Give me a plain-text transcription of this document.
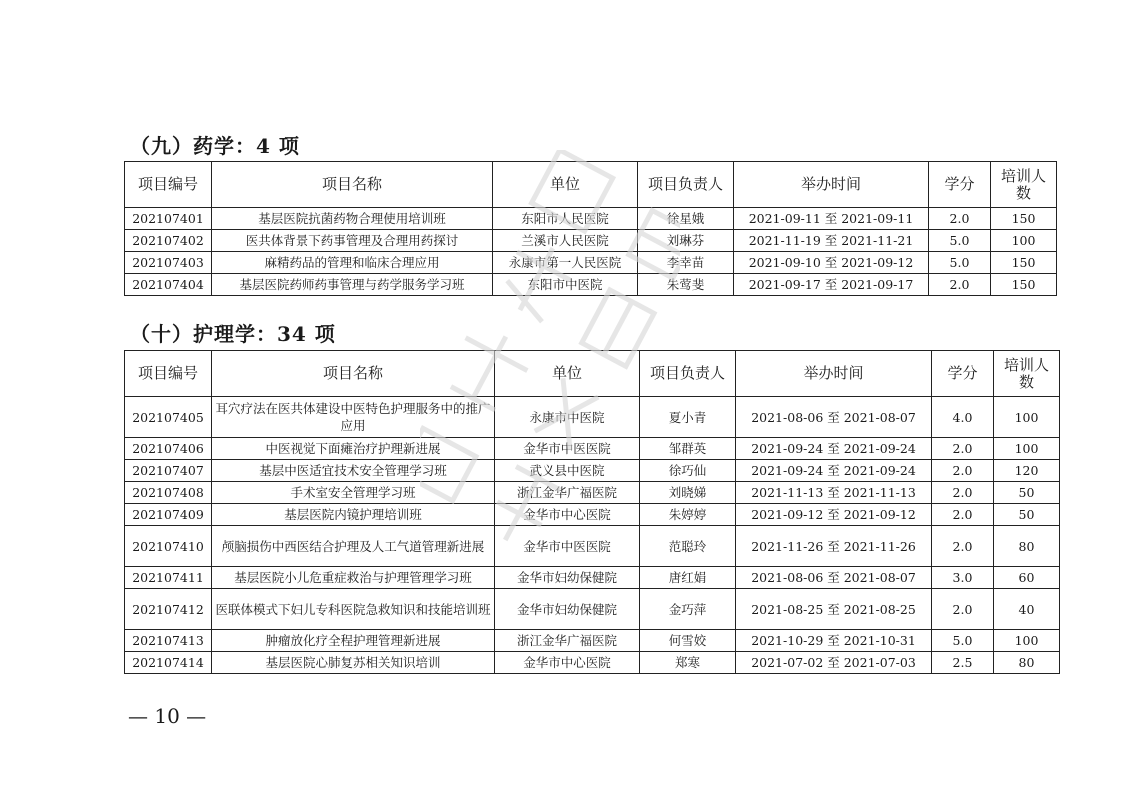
（九）药学：4 项
项目编号	项目名称	单位	项目负责人	举办时间	学分	培训人数
202107401	基层医院抗菌药物合理使用培训班	东阳市人民医院	徐星娥	2021-09-11 至 2021-09-11	2.0	150
202107402	医共体背景下药事管理及合理用药探讨	兰溪市人民医院	刘琳芬	2021-11-19 至 2021-11-21	5.0	100
202107403	麻精药品的管理和临床合理应用	永康市第一人民医院	李幸苗	2021-09-10 至 2021-09-12	5.0	150
202107404	基层医院药师药事管理与药学服务学习班	东阳市中医院	朱莺斐	2021-09-17 至 2021-09-17	2.0	150
（十）护理学：34 项
项目编号	项目名称	单位	项目负责人	举办时间	学分	培训人数
202107405	耳穴疗法在医共体建设中医特色护理服务中的推广应用	永康市中医院	夏小青	2021-08-06 至 2021-08-07	4.0	100
202107406	中医视觉下面瘫治疗护理新进展	金华市中医医院	邹群英	2021-09-24 至 2021-09-24	2.0	100
202107407	基层中医适宜技术安全管理学习班	武义县中医院	徐巧仙	2021-09-24 至 2021-09-24	2.0	120
202107408	手术室安全管理学习班	浙江金华广福医院	刘晓娣	2021-11-13 至 2021-11-13	2.0	50
202107409	基层医院内镜护理培训班	金华市中心医院	朱婷婷	2021-09-12 至 2021-09-12	2.0	50
202107410	颅脑损伤中西医结合护理及人工气道管理新进展	金华市中医医院	范聪玲	2021-11-26 至 2021-11-26	2.0	80
202107411	基层医院小儿危重症救治与护理管理学习班	金华市妇幼保健院	唐红娟	2021-08-06 至 2021-08-07	3.0	60
202107412	医联体模式下妇儿专科医院急救知识和技能培训班	金华市妇幼保健院	金巧萍	2021-08-25 至 2021-08-25	2.0	40
202107413	肿瘤放化疗全程护理管理新进展	浙江金华广福医院	何雪姣	2021-10-29 至 2021-10-31	5.0	100
202107414	基层医院心肺复苏相关知识培训	金华市中心医院	郑寒	2021-07-02 至 2021-07-03	2.5	80
— 10 —
